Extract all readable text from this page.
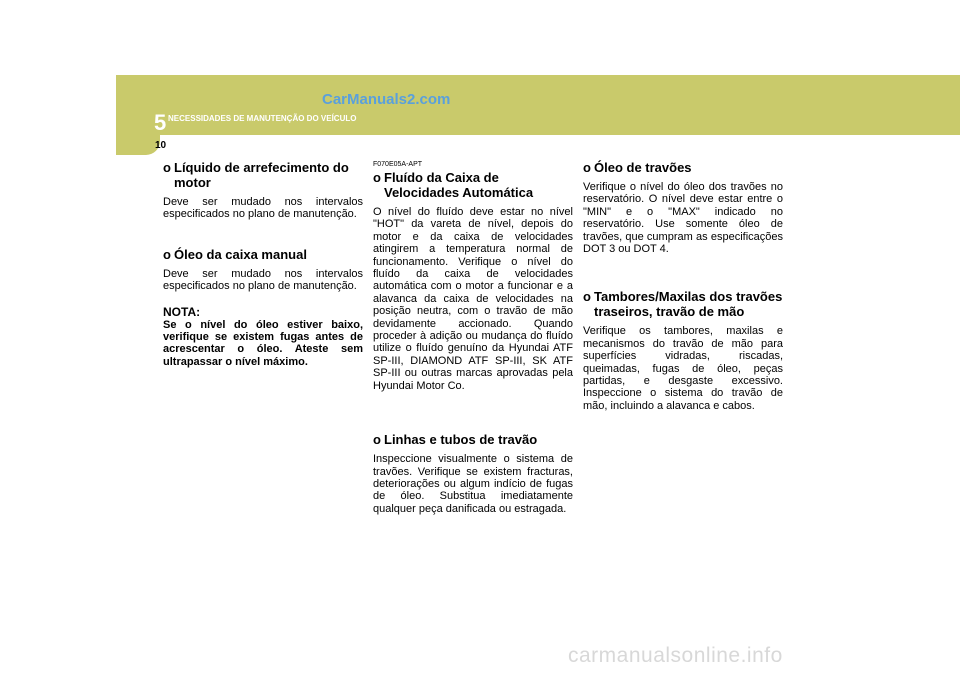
5 NECESSIDADES DE MANUTENÇÃO DO VEÍCULO
CarManuals2.com
10

o Líquido de arrefecimento do motor

Deve ser mudado nos intervalos especificados no plano de manutenção.

o Óleo da caixa manual

Deve ser mudado nos intervalos especificados no plano de manutenção.

NOTA:

Se o nível do óleo estiver baixo, verifique se existem fugas antes de acrescentar o óleo. Ateste sem ultrapassar o nível máximo.

F070E05A-APT

o Fluído da Caixa de Velocidades Automática

O nível do fluído deve estar no nível "HOT" da vareta de nível, depois do motor e da caixa de velocidades atingirem a temperatura normal de funcionamento. Verifique o nível do fluído da caixa de velocidades automática com o motor a funcionar e a alavanca da caixa de velocidades na posição neutra, com o travão de mão devidamente accionado. Quando proceder à adição ou mudança do fluído utilize o fluído genuíno da Hyundai ATF SP-III, DIAMOND ATF SP-III, SK ATF SP-III ou outras marcas aprovadas pela Hyundai Motor Co.

o Linhas e tubos de travão

Inspeccione visualmente o sistema de travões. Verifique se existem fracturas, deteriorações ou algum indício de fugas de óleo. Substitua imediatamente qualquer peça danificada ou estragada.

o Óleo de travões

Verifique o nível do óleo dos travões no reservatório. O nível deve estar entre o "MIN" e o "MAX" indicado no reservatório. Use somente óleo de travões, que cumpram as especificações DOT 3 ou DOT 4.

o Tambores/Maxilas dos travões traseiros, travão de mão

Verifique os tambores, maxilas e mecanismos do travão de mão para superfícies vidradas, riscadas, queimadas, fugas de óleo, peças partidas, e desgaste excessivo. Inspeccione o sistema do travão de mão, incluindo a alavanca e cabos.

carmanualsonline.info
